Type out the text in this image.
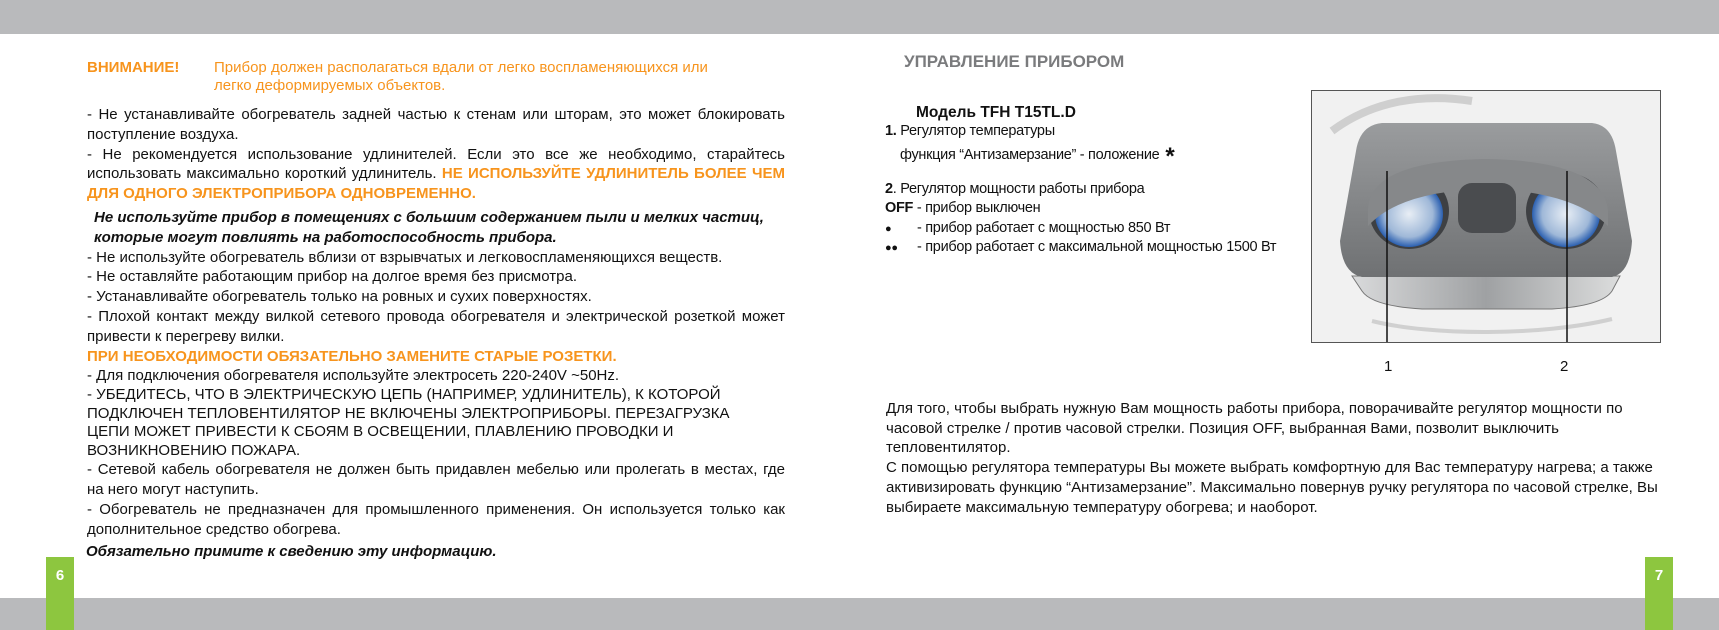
6	7
ВНИМАНИЕ! Прибор должен располагаться вдали от легко воспламеняющихся или
легко деформируемых объектов.

- Не устанавливайте обогреватель задней частью к стенам или шторам, это может блокировать поступление воздуха.

- Не рекомендуется использование удлинителей. Если это все же необходимо, старайтесь использовать максимально короткий удлинитель. НЕ ИСПОЛЬЗУЙТЕ УДЛИНИТЕЛЬ БОЛЕЕ ЧЕМ ДЛЯ ОДНОГО ЭЛЕКТРОПРИБОРА ОДНОВРЕМЕННО.

Не используйте прибор в помещениях с большим содержанием пыли и мелких частиц,

которые могут повлиять на работоспособность прибора.

- Не используйте обогреватель вблизи от взрывчатых и легковоспламеняющихся веществ.

- Не оставляйте работающим прибор на долгое время без присмотра.

- Устанавливайте обогреватель только на ровных и сухих поверхностях.

- Плохой контакт между вилкой сетевого провода обогревателя и электрической розеткой может привести к перегреву вилки.

ПРИ НЕОБХОДИМОСТИ ОБЯЗАТЕЛЬНО ЗАМЕНИТЕ СТАРЫЕ РОЗЕТКИ.

- Для подключения обогревателя используйте электросеть 220-240V ~50Hz.

- УБЕДИТЕСЬ, ЧТО В ЭЛЕКТРИЧЕСКУЮ ЦЕПЬ (НАПРИМЕР, УДЛИНИТЕЛЬ), К КОТОРОЙ
ПОДКЛЮЧЕН ТЕПЛОВЕНТИЛЯТОР НЕ ВКЛЮЧЕНЫ ЭЛЕКТРОПРИБОРЫ. ПЕРЕЗАГРУЗКА
ЦЕПИ МОЖЕТ ПРИВЕСТИ К СБОЯМ В ОСВЕЩЕНИИ, ПЛАВЛЕНИЮ ПРОВОДКИ И
ВОЗНИКНОВЕНИЮ ПОЖАРА.

- Сетевой кабель обогревателя не должен быть придавлен мебелью или пролегать в местах, где на него могут наступить.

- Обогреватель не предназначен для промышленного применения. Он используется только как дополнительное средство обогрева.

Обязательно примите к сведению эту информацию.
УПРАВЛЕНИЕ ПРИБОРОМ
Модель TFH T15TL.D
1. Регулятор температуры
функция “Антизамерзание” - положение *
2. Регулятор мощности работы прибора
OFF - прибор выключен
● - прибор работает с мощностью 850 Вт
●● - прибор работает с максимальной мощностью 1500 Вт
1	2

Для того, чтобы выбрать нужную Вам мощность работы прибора, поворачивайте регулятор мощности по часовой стрелке / против часовой стрелки. Позиция OFF, выбранная Вами, позволит выключить тепловентилятор.

С помощью регулятора температуры Вы можете выбрать комфортную для Вас температуру нагрева; а также активизировать функцию “Антизамерзание”. Максимально повернув ручку регулятора по часовой стрелке, Вы выбираете максимальную температуру обогрева; и наоборот.
